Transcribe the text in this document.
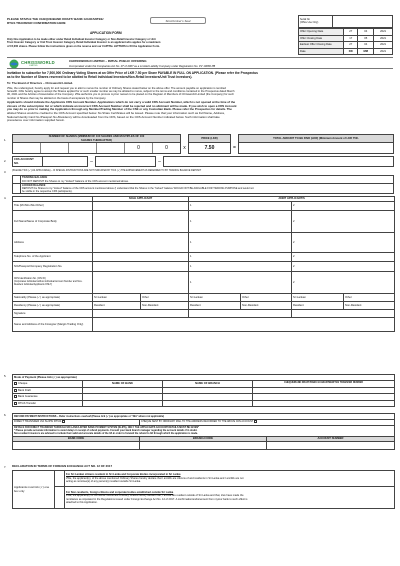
PLEASE STAPLE THE CHEQUE/BANK DRAFT/ BANK GUARANTEE/
RTGS TRANSFER CONFIRMATION HERE	Stockbroker's Seal
APPLICATION FORM
Only One Application to be made either under Retail Individual Investor Category or Non-Retail Investor Category or Unit
Trust Investor Category or Unit Trust Investor Category. Retail Individual Investor is an applicant who applies for a maximum
of 15,000 shares. Please follow the instructions given on the reverse and our CAPITAL LETTERS to fill the Application Form.
Serial No
(Office Use Only)

Offer Opening Date	27	04	2021
Offer Closing Date	17	05	2021
Earliest Offer Closing Date	27	04	2021
Date	DD	MM	2021
CHRISSWORLD
LIMITED
CHRISSWORLD LIMITED – INITIAL PUBLIC OFFERING
Incorporated under the Companies Act No. 07 of 2007 as a Limited Liability Company under Registration No. PV 10080 PB
Invitation to subscribe for 7,500,000 Ordinary Voting Shares at an Offer Price of LKR 7.50 per Share PAYABLE IN FULL ON APPLICATION. (Please refer the Prospectus
as to the Number of Shares reserved to be allotted to Retail Individual Investors/Non-Retail Investors/Unit Trust Investors).
To: The Board of Directors – Chrissworld Limited.
I/We, the undersigned, hereby apply for and request you to allot to me/us the number of Ordinary Shares stated below on the above offer. The amount payable on application is remitted
herewith. I/We hereby agree to accept the Shares applied for or such smaller number as may be allotted to me/us, subject to the terms and conditions contained in the Prospectus dated March
30, 2021 and the Articles of Association of the Company. I/We authorize you to procure my/our name/s to be placed on the Register of Members of Chrissworld Limited (the Company) for such
number of Shares that may be allotted on the basis of acceptance by the Company.
Applicant/s should indicate the Applicants CDS Account Number. Applications which do not carry a valid CDS Account Number, which is not opened at the time of the
closure of the subscription list or which indicate an incorrect CDS Account Number shall be rejected and no allotment will be made. If you wish to open a CDS Account
you may do so prior to making the Application through any Member/Trading Member of the CSE or any Custodian Bank. Please refer the Prospectus for details. The
allotted Shares would be credited to the CDS Account specified below. No Share Certificates will be issued. Please note that your information such as Full Name, Address,
National Identity Card No./Passport No./Residency will be downloaded from the CDS, based on the CDS Account Number indicated below. Such information shall take
precedence over information supplied herein.
1.
NUMBER OF SHARES (MINIMUM OF 100 SHARES AND MULTIPLES OF 100
SHARES THEREAFTER)		PRICE (LKR)		TOTAL AMOUNT TO BE PAID (LKR) (Minimum Amount of LKR 750/-

0 0	x	7.50	=	
2.	CDS ACCOUNT
NO.		–		–	
3. (PLEASE TICK (✓) AS APPLICABLE) – IF SPECIAL INSTRUCTIONS ARE NOT INDICATED BY TICK (✓) THE ENHANCEMENT AS REFERRED TO BY TRADING BALANCE DEPOSIT

	TRADING BALANCE
DO NOT DEPOSIT the Shares to my "locked" balance of the CDS account mentioned above.

	LOCKED BALANCE
DEPOSIT the Shares to my "locked" balance of the CDS account mentioned above (I understand that the Shares in the "locked" balance WOULD NOT BE AVAILABLE FOR TRADING PURPOSE and would not
be visible in the respective CDS participants).
4.
		SOLE APPLICANT		JOINT APPLICANT/S			
Title (Mr./Mrs./Ms./Other)			1		2	
Full Name/Name of Corporate Body			1		2	
Address			1		2	
Telephone No. of the Applicant			1		2	
NIC/Passport/Company Registration No.			1		2	

CDS Identification No. (CIN ID)
(Corporates Individual without individual Account Number and Non-Resident Individual Applicants ONLY)			1		2	
Nationality (Please (✓) as appropriate)	Sri Lankan	Other	Sri Lankan	Other	Sri Lankan	Other
Residency (Please (✓) as appropriate)	Resident	Non-Resident	Resident	Non-Resident	Resident	Non-Resident
Signature						
Name and Address of the Foreigner (Margin Trading Only)						
5.	Mode of Payment (Please tick (✓) as appropriate)			
Cheque	NAME OF BANK	NAME OF BRANCH	CHEQUE/BANK DRAFT/BANK GUARANTEE/RTGS TRANSFER NUMBER
Bank Draft			
Bank Guarantee			
RTGS Transfer			
6.	REFUND PAYMENT INSTRUCTIONS – Refer instructions overleaf (Please tick (✓) as appropriate or "N/a" where not applicable)		
DIRECT TRANSFER VIA SLIPS/ RTGS	CHEQUE SENT BY ORDINARY MAIL TO THE ADDRESS RECORDED TO THE ABOVE CDS ACCOUNT	

DETAILS FOR DIRECT TRANSFER THROUGH SRI LANKA INTER BANK PAYMENT SYSTEM (SLIPS), ONLY THE APPLICANTS ACCOUNT DETAILS MUST BE GIVEN*
* Please provide accurate information to avoid delays in receipt of refund payments. Consult your bank branch manager regarding the account details if in doubt.
Non-resident investors are advised to include their valid and accurate details of the IIA in order to forward the refund to IIA through which the application is made.		

BANK CODE	BRANCH CODE	ACCOUNT NUMBER

7. DECLARATION IN TERMS OF FOREIGN EXCHANGE ACT NO. 12 OF 2017
Applicants must tick (✓) one box only		For Sri Lankan citizens resident in Sri Lanka and Corporate Bodies incorporated in Sri Lanka
I/We, the applicant(s), of the above mentioned Ordinary Shares hereby declare that I am/We are citizens of and residents in Sri Lanka and I am/We are not
acting as nominee(s) of any person(s) resident outside Sri Lanka.

		For Non-residents, foreign citizens and corporate bodies established outside Sri Lanka
I/We, the applicant(s) of the above mentioned Ordinary Shares hereby declare that, I am/we are resident outside of Sri Lanka and that, I/we have made the
remittance as stipulated in the Regulations issued under Foreign Exchange Act No. 12 of 2017. A confirmation/endorsement from my/our bank to such effect is
attached to this Application.
